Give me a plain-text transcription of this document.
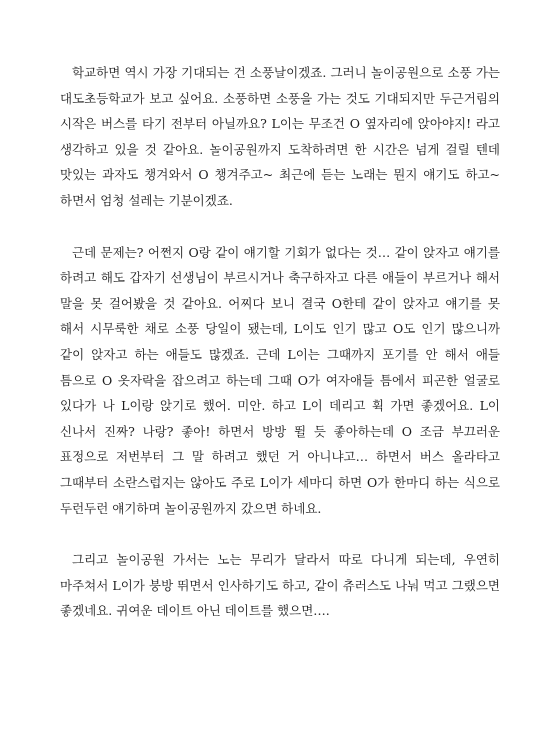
학교하면 역시 가장 기대되는 건 소풍날이겠죠. 그러니 놀이공원으로 소풍 가는 대도초등학교가 보고 싶어요. 소풍하면 소풍을 가는 것도 기대되지만 두근거림의 시작은 버스를 타기 전부터 아닐까요? L이는 무조건 O 옆자리에 앉아야지! 라고 생각하고 있을 것 같아요. 놀이공원까지 도착하려면 한 시간은 넘게 걸릴 텐데 맛있는 과자도 챙겨와서 O 챙겨주고~ 최근에 듣는 노래는 뭔지 얘기도 하고~ 하면서 엄청 설레는 기분이겠죠.

근데 문제는? 어쩐지 O랑 같이 얘기할 기회가 없다는 것… 같이 앉자고 얘기를 하려고 해도 갑자기 선생님이 부르시거나 축구하자고 다른 애들이 부르거나 해서 말을 못 걸어봤을 것 같아요. 어찌다 보니 결국 O한테 같이 앉자고 얘기를 못 해서 시무룩한 채로 소풍 당일이 됐는데, L이도 인기 많고 O도 인기 많으니까 같이 앉자고 하는 애들도 많겠죠. 근데 L이는 그때까지 포기를 안 해서 애들 틈으로 O 옷자락을 잡으려고 하는데 그때 O가 여자애들 틈에서 피곤한 얼굴로 있다가 나 L이랑 앉기로 했어. 미안. 하고 L이 데리고 휙 가면 좋겠어요. L이 신나서 진짜? 나랑? 좋아! 하면서 방방 뛸 듯 좋아하는데 O 조금 부끄러운 표정으로 저번부터 그 말 하려고 했던 거 아니냐고… 하면서 버스 올라타고 그때부터 소란스럽지는 않아도 주로 L이가 세마디 하면 O가 한마디 하는 식으로 두런두런 얘기하며 놀이공원까지 갔으면 하네요.

그리고 놀이공원 가서는 노는 무리가 달라서 따로 다니게 되는데, 우연히 마주쳐서 L이가 붕방 뛰면서 인사하기도 하고, 같이 츄러스도 나눠 먹고 그랬으면 좋겠네요. 귀여운 데이트 아닌 데이트를 했으면….
